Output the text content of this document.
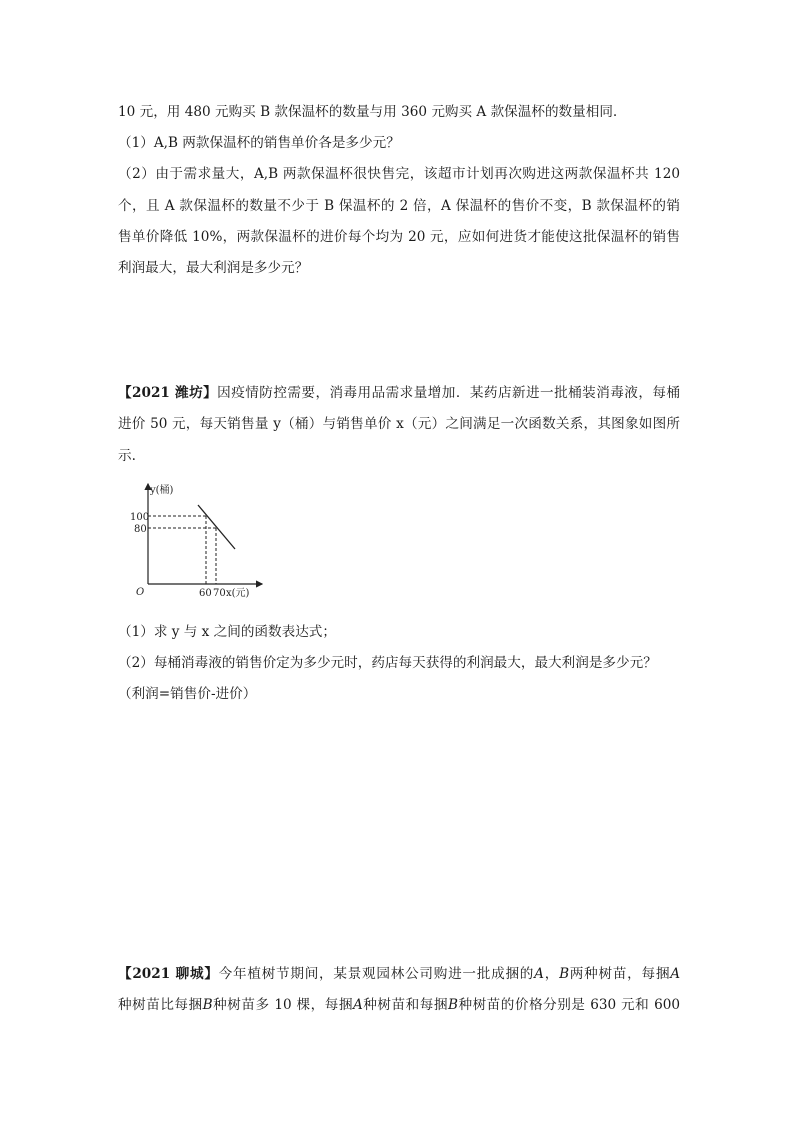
10 元，用 480 元购买 B 款保温杯的数量与用 360 元购买 A 款保温杯的数量相同.
（1）A,B 两款保温杯的销售单价各是多少元？
（2）由于需求量大，A,B 两款保温杯很快售完，该超市计划再次购进这两款保温杯共 120
个，且 A 款保温杯的数量不少于 B 保温杯的 2 倍，A 保温杯的售价不变，B 款保温杯的销
售单价降低 10%，两款保温杯的进价每个均为 20 元，应如何进货才能使这批保温杯的销售
利润最大，最大利润是多少元？
【2021 潍坊】因疫情防控需要，消毒用品需求量增加．某药店新进一批桶装消毒液，每桶
进价 50 元，每天销售量 y（桶）与销售单价 x（元）之间满足一次函数关系，其图象如图所
示.
y(桶)
x(元)
O
100
80
60 70
（1）求 y 与 x 之间的函数表达式；
（2）每桶消毒液的销售价定为多少元时，药店每天获得的利润最大，最大利润是多少元？
（利润=销售价-进价）
【2021 聊城】今年植树节期间，某景观园林公司购进一批成捆的A，B两种树苗，每捆A
种树苗比每捆B种树苗多 10 棵，每捆A种树苗和每捆B种树苗的价格分别是 630 元和 600
